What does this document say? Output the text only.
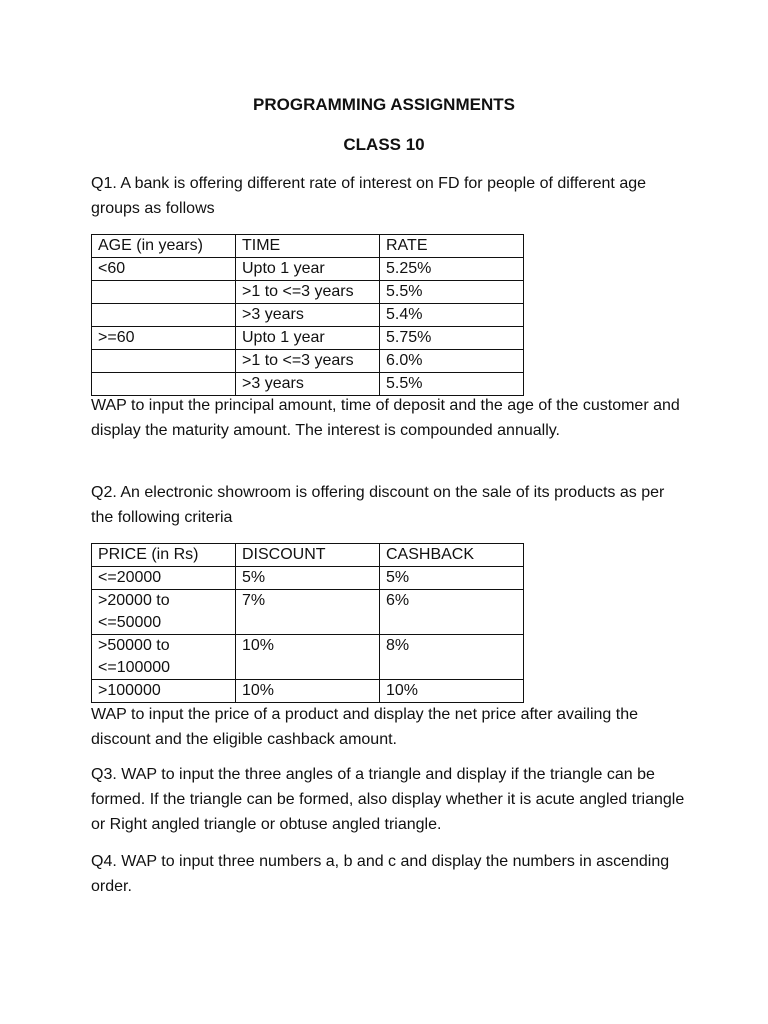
PROGRAMMING ASSIGNMENTS
CLASS 10

Q1. A bank is offering different rate of interest on FD for people of different age groups as follows

AGE (in years)	TIME	RATE
<60	Upto 1 year	5.25%
	>1 to <=3 years	5.5%
	>3 years	5.4%
>=60	Upto 1 year	5.75%
	>1 to <=3 years	6.0%
	>3 years	5.5%

WAP to input the principal amount, time of deposit and the age of the customer and display the maturity amount. The interest is compounded annually.

Q2. An electronic showroom is offering discount on the sale of its products as per the following criteria

PRICE (in Rs)	DISCOUNT	CASHBACK
<=20000	5%	5%
>20000 to <=50000	7%	6%
>50000 to <=100000	10%	8%
>100000	10%	10%

WAP to input the price of a product and display the net price after availing the discount and the eligible cashback amount.

Q3. WAP to input the three angles of a triangle and display if the triangle can be formed. If the triangle can be formed, also display whether it is acute angled triangle or Right angled triangle or obtuse angled triangle.

Q4. WAP to input three numbers a, b and c and display the numbers in ascending order.
